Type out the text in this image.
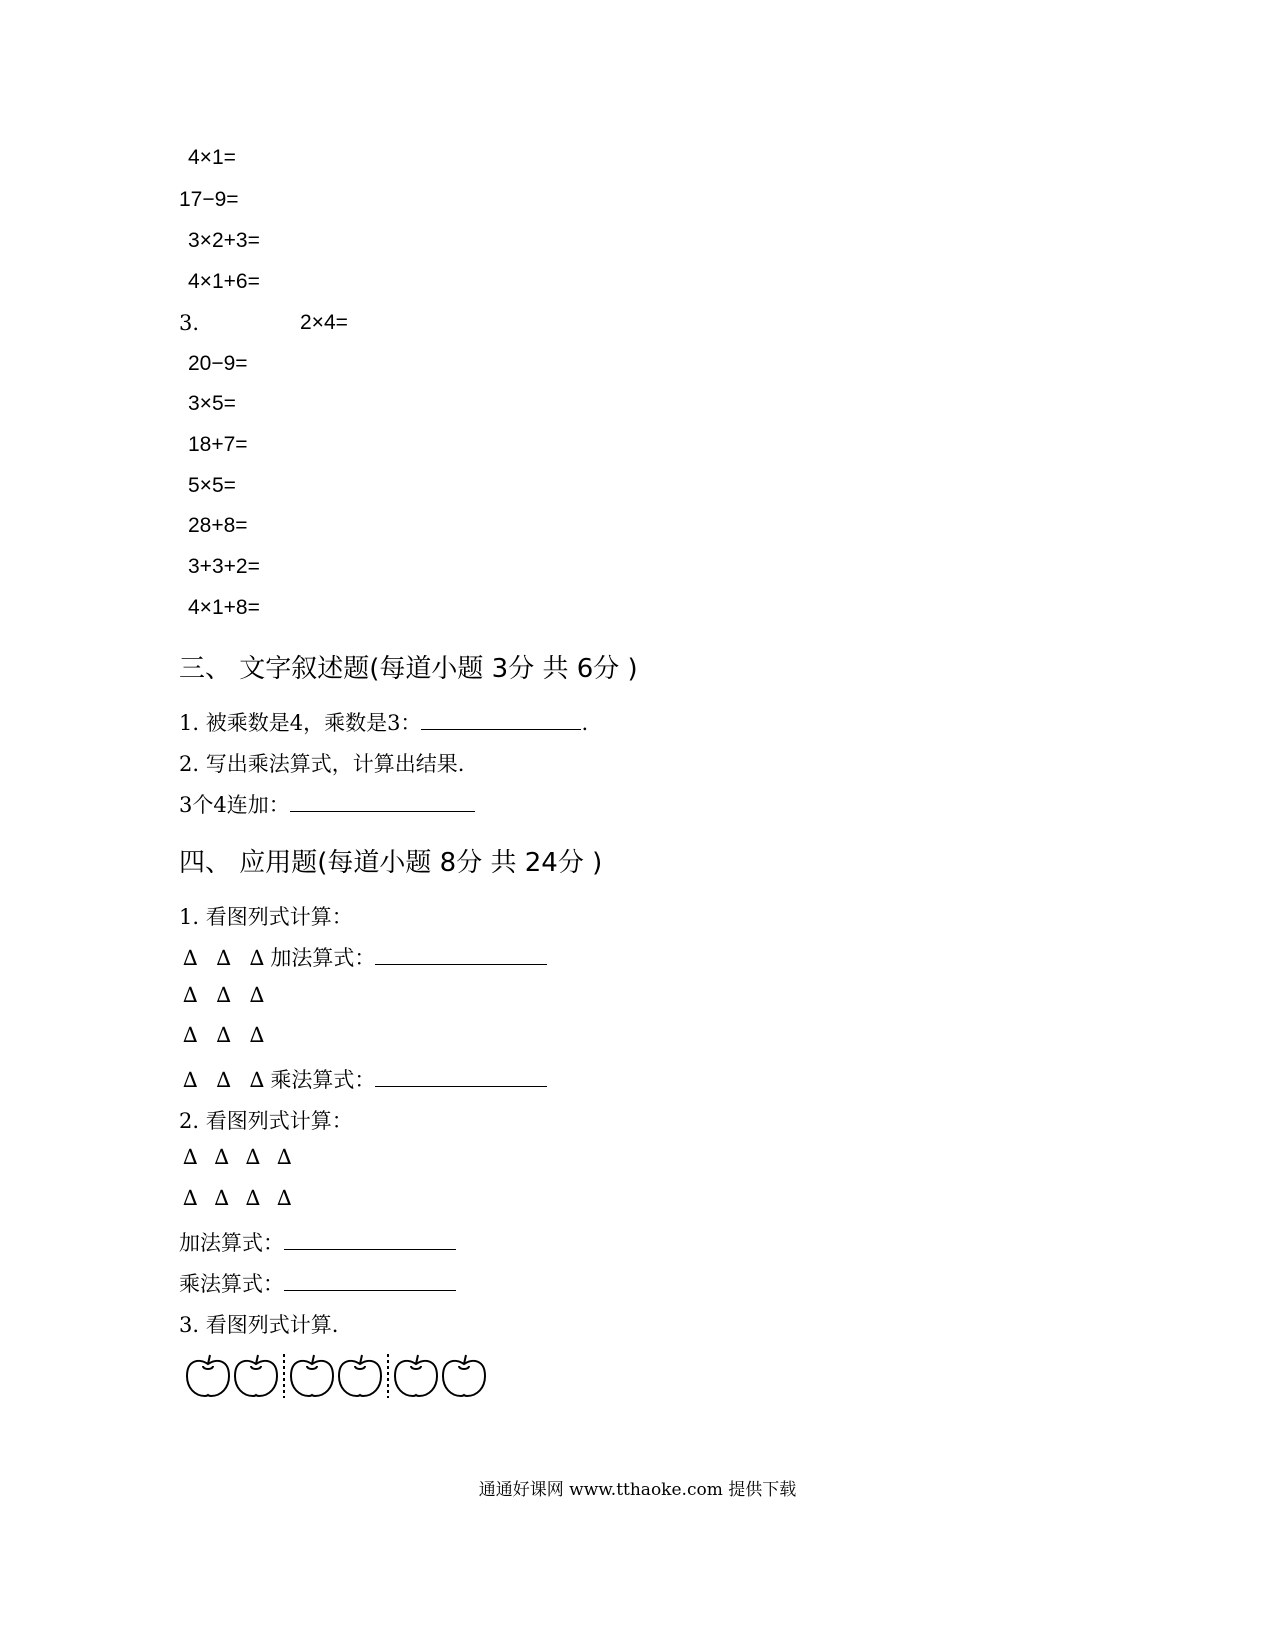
4×1=
17−9=
3×2+3=
4×1+6=
3.	2×4=
20−9=
3×5=
18+7=
5×5=
28+8=
3+3+2=
4×1+8=
三、 文字叙述题(每道小题 3分 共 6分 )
1. 被乘数是4，乘数是3：	.
2. 写出乘法算式，计算出结果.
3个4连加：
四、 应用题(每道小题 8分 共 24分 )
1. 看图列式计算：
∆ ∆ ∆加法算式：
∆ ∆ ∆
∆ ∆ ∆
∆ ∆ ∆乘法算式：
2. 看图列式计算：
∆ ∆ ∆ ∆
∆ ∆ ∆ ∆
加法算式：
乘法算式：
3. 看图列式计算.
通通好课网 www.tthaoke.com 提供下载
